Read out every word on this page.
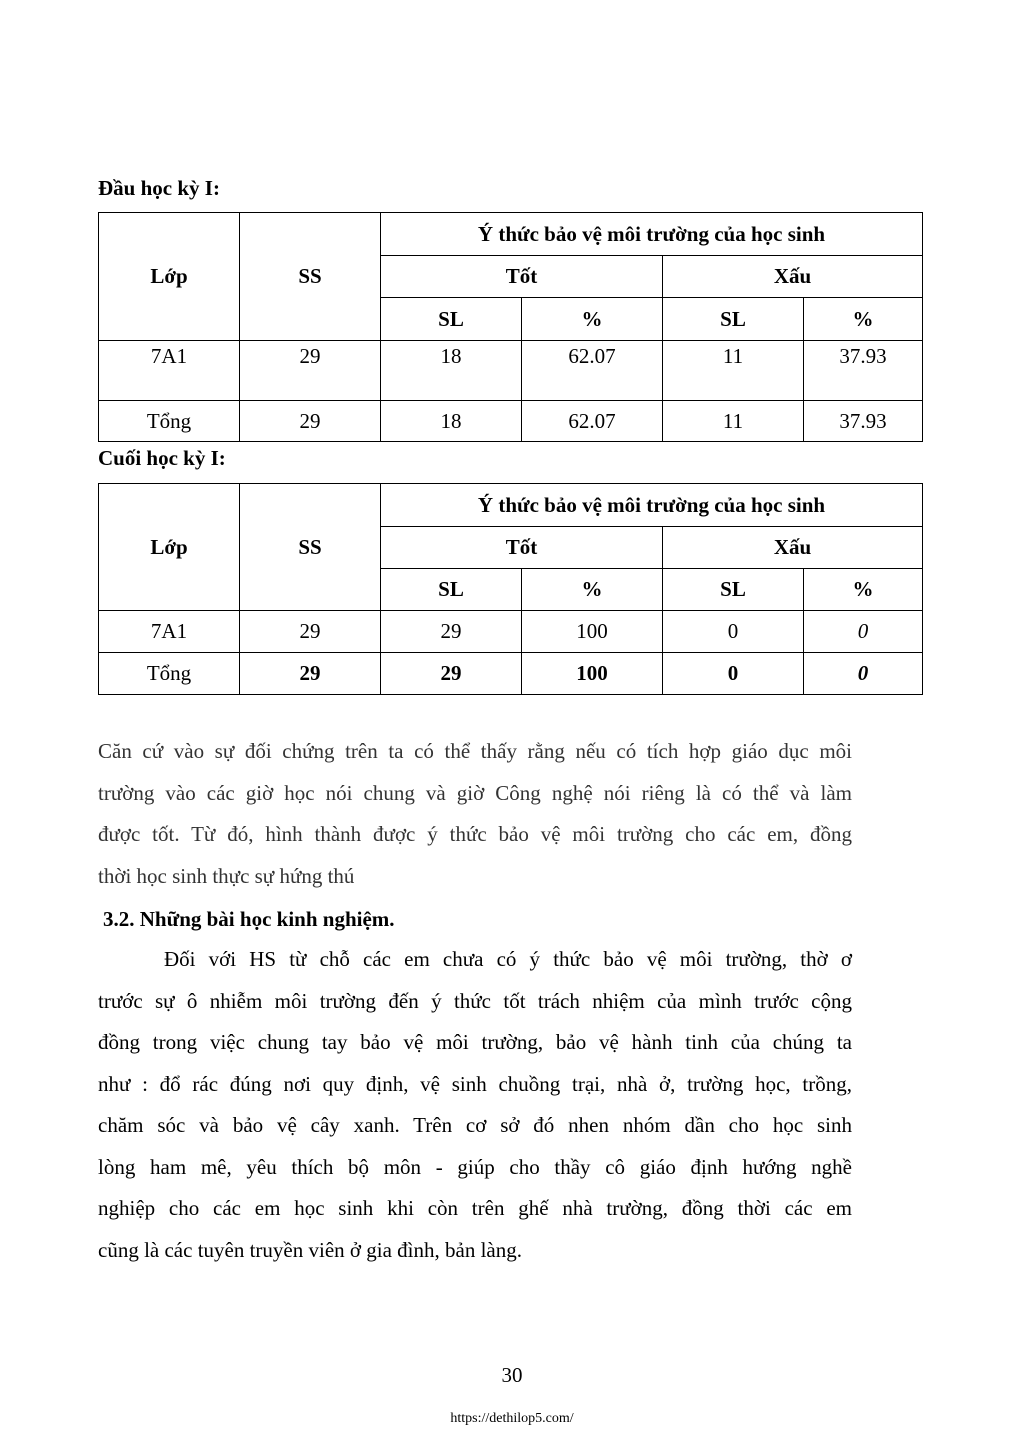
Đầu học kỳ I:
Lớp	SS	Ý thức bảo vệ môi trường của học sinh			
		Tốt		Xấu	
		SL	%	SL	%
7A1	29	18	62.07	11	37.93
Tổng	29	18	62.07	11	37.93
Cuối học kỳ I:
Lớp	SS	Ý thức bảo vệ môi trường của học sinh			
		Tốt		Xấu	
		SL	%	SL	%
7A1	29	29	100	0	0
Tổng	29	29	100	0	0
Căn cứ vào sự đối chứng trên ta có thể thấy rằng nếu có tích hợp giáo dục môi
trường vào các giờ học nói chung và giờ Công nghệ nói riêng là có thể và làm
được tốt. Từ đó, hình thành được ý thức bảo vệ môi trường cho các em, đồng
thời học sinh thực sự hứng thú
3.2. Những bài học kinh nghiệm.
Đối với HS từ chỗ các em chưa có ý thức bảo vệ môi trường, thờ ơ
trước sự ô nhiễm môi trường đến ý thức tốt trách nhiệm của mình trước cộng
đồng trong việc chung tay bảo vệ môi trường, bảo vệ hành tinh của chúng ta
như : đổ rác đúng nơi quy định, vệ sinh chuồng trại, nhà ở, trường học, trồng,
chăm sóc và bảo vệ cây xanh. Trên cơ sở đó nhen nhóm dần cho học sinh
lòng ham mê, yêu thích bộ môn - giúp cho thầy cô giáo định hướng nghề
nghiệp cho các em học sinh khi còn trên ghế nhà trường, đồng thời các em
cũng là các tuyên truyền viên ở gia đình, bản làng.
30
https://dethilop5.com/
